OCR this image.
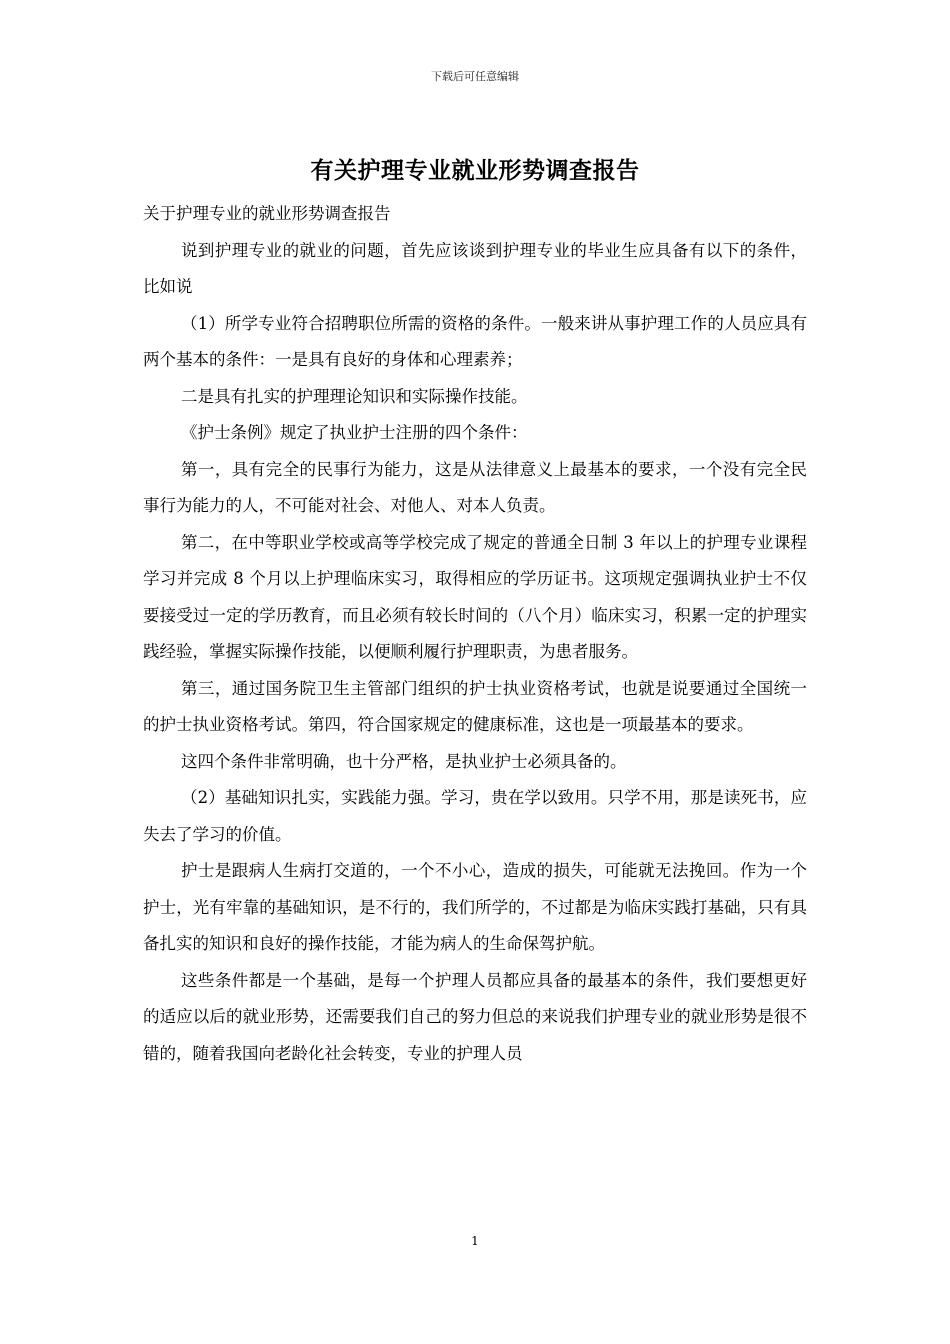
下载后可任意编辑
有关护理专业就业形势调查报告

关于护理专业的就业形势调查报告

说到护理专业的就业的问题，首先应该谈到护理专业的毕业生应具备有以下的条件，比如说

（1）所学专业符合招聘职位所需的资格的条件。一般来讲从事护理工作的人员应具有两个基本的条件：一是具有良好的身体和心理素养；

二是具有扎实的护理理论知识和实际操作技能。

《护士条例》规定了执业护士注册的四个条件：

第一，具有完全的民事行为能力，这是从法律意义上最基本的要求，一个没有完全民事行为能力的人，不可能对社会、对他人、对本人负责。

第二，在中等职业学校或高等学校完成了规定的普通全日制 3 年以上的护理专业课程学习并完成 8 个月以上护理临床实习，取得相应的学历证书。这项规定强调执业护士不仅要接受过一定的学历教育，而且必须有较长时间的（八个月）临床实习，积累一定的护理实践经验，掌握实际操作技能，以便顺利履行护理职责，为患者服务。

第三，通过国务院卫生主管部门组织的护士执业资格考试，也就是说要通过全国统一的护士执业资格考试。第四，符合国家规定的健康标准，这也是一项最基本的要求。

这四个条件非常明确，也十分严格，是执业护士必须具备的。

（2）基础知识扎实，实践能力强。学习，贵在学以致用。只学不用，那是读死书，应失去了学习的价值。

护士是跟病人生病打交道的，一个不小心，造成的损失，可能就无法挽回。作为一个护士，光有牢靠的基础知识，是不行的，我们所学的，不过都是为临床实践打基础，只有具备扎实的知识和良好的操作技能，才能为病人的生命保驾护航。

这些条件都是一个基础，是每一个护理人员都应具备的最基本的条件，我们要想更好的适应以后的就业形势，还需要我们自己的努力但总的来说我们护理专业的就业形势是很不错的，随着我国向老龄化社会转变，专业的护理人员

1
